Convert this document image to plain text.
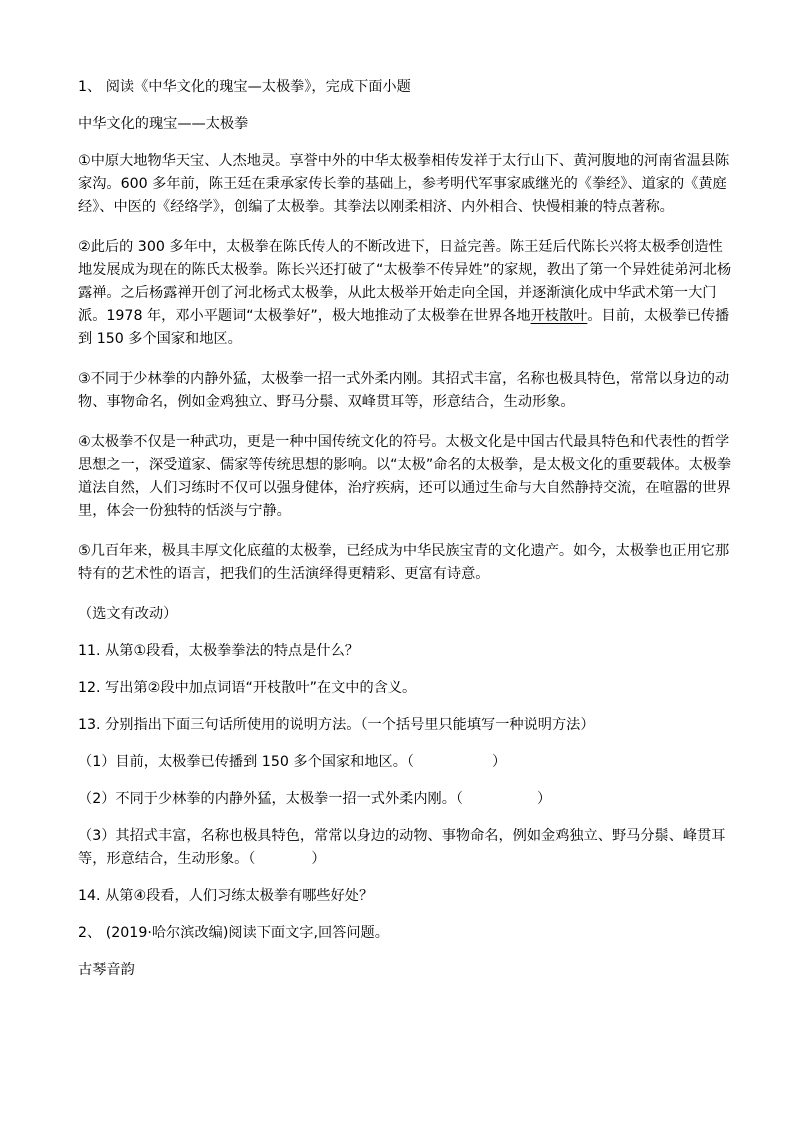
1、 阅读《中华文化的瑰宝—太极拳》，完成下面小题

中华文化的瑰宝——太极拳

①中原大地物华天宝、人杰地灵。享誉中外的中华太极拳相传发祥于太行山下、黄河腹地的河南省温县陈家沟。600 多年前，陈王廷在秉承家传长拳的基础上，参考明代军事家戚继光的《拳经》、道家的《黄庭经》、中医的《经络学》，创编了太极拳。其拳法以刚柔相济、内外相合、快慢相兼的特点著称。

②此后的 300 多年中，太极拳在陈氏传人的不断改进下，日益完善。陈王廷后代陈长兴将太极季创造性地发展成为现在的陈氏太极拳。陈长兴还打破了“太极拳不传异姓”的家规，教出了第一个异姓徒弟河北杨露禅。之后杨露禅开创了河北杨式太极拳，从此太极举开始走向全国，并逐渐演化成中华武术第一大门派。1978 年，邓小平题词“太极拳好”，极大地推动了太极拳在世界各地开枝散叶。目前，太极拳已传播到 150 多个国家和地区。

③不同于少林拳的内静外猛，太极拳一招一式外柔内刚。其招式丰富，名称也极具特色，常常以身边的动物、事物命名，例如金鸡独立、野马分鬃、双峰贯耳等，形意结合，生动形象。

④太极拳不仅是一种武功，更是一种中国传统文化的符号。太极文化是中国古代最具特色和代表性的哲学思想之一，深受道家、儒家等传统思想的影响。以“太极”命名的太极拳，是太极文化的重要载体。太极拳道法自然，人们习练时不仅可以强身健体，治疗疾病，还可以通过生命与大自然静持交流，在喧嚣的世界里，体会一份独特的恬淡与宁静。

⑤几百年来，极具丰厚文化底蕴的太极拳，已经成为中华民族宝青的文化遗产。如今，太极拳也正用它那特有的艺术性的语言，把我们的生活演绎得更精彩、更富有诗意。

（选文有改动）

11. 从第①段看，太极拳拳法的特点是什么？

12. 写出第②段中加点词语“开枝散叶”在文中的含义。

13. 分别指出下面三句话所使用的说明方法。（一个括号里只能填写一种说明方法）

（1）目前，太极拳已传播到 150 多个国家和地区。（	）

（2）不同于少林拳的内静外猛，太极拳一招一式外柔内刚。（	）

（3）其招式丰富，名称也极具特色，常常以身边的动物、事物命名，例如金鸡独立、野马分鬃、峰贯耳等，形意结合，生动形象。（	）

14. 从第④段看，人们习练太极拳有哪些好处？

2、 (2019·哈尔滨改编)阅读下面文字,回答问题。

古琴音韵
